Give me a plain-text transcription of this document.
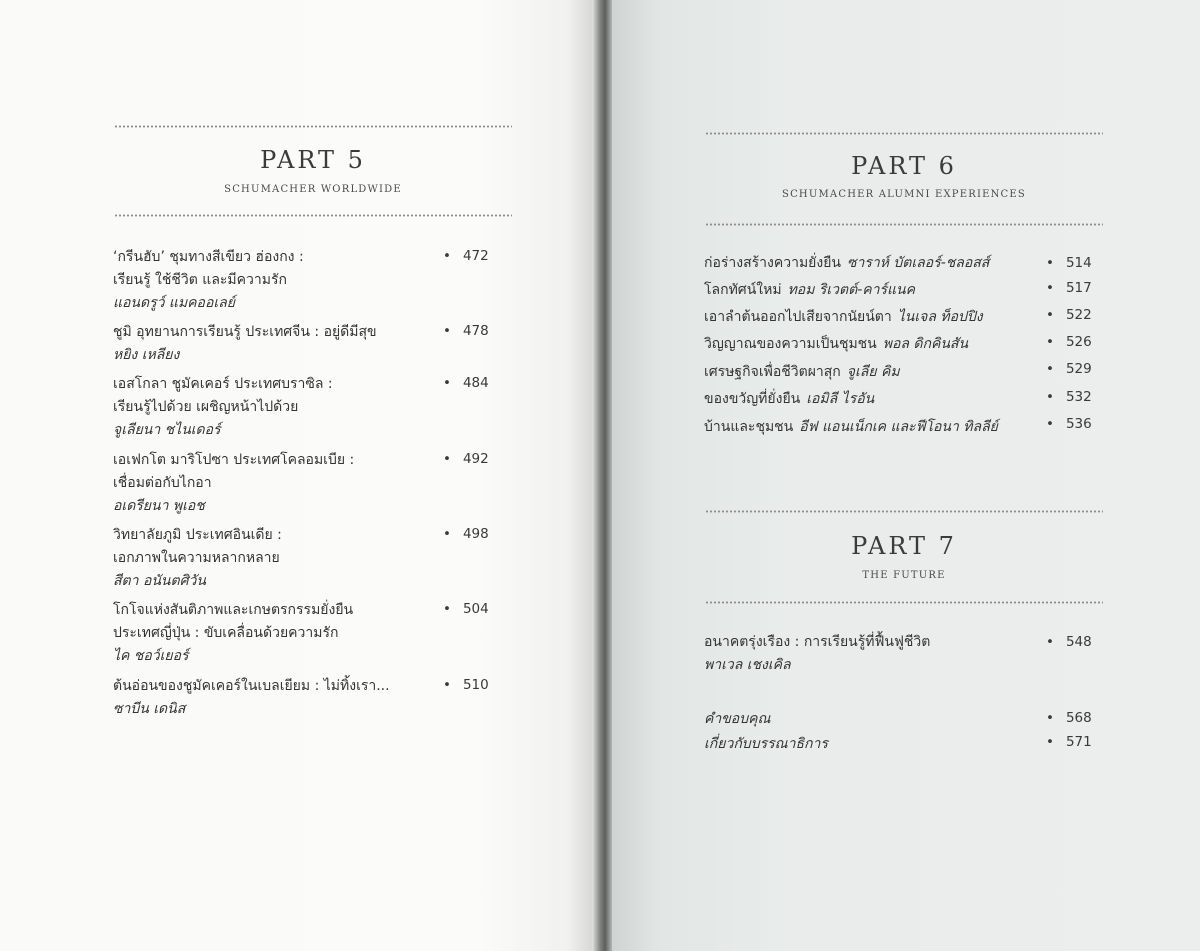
PART 5
SCHUMACHER WORLDWIDE
‘กรีนฮับ’ ชุมทางสีเขียว ฮ่องกง :
เรียนรู้ ใช้ชีวิต และมีความรัก
แอนดรูว์ แมคออเลย์
• 472
ชูมิ อุทยานการเรียนรู้ ประเทศจีน : อยู่ดีมีสุข
หยิง เหลียง
• 478
เอสโกลา ชูมัคเคอร์ ประเทศบราซิล :
เรียนรู้ไปด้วย เผชิญหน้าไปด้วย
จูเลียนา ชไนเดอร์
• 484
เอเฟกโต มาริโปซา ประเทศโคลอมเบีย :
เชื่อมต่อกับไกอา
อเดรียนา พูเอช
• 492
วิทยาลัยภูมิ ประเทศอินเดีย :
เอกภาพในความหลากหลาย
สีตา อนันตศิวัน
• 498
โกโจแห่งสันติภาพและเกษตรกรรมยั่งยืน
ประเทศญี่ปุ่น : ขับเคลื่อนด้วยความรัก
ไค ชอว์เยอร์
• 504
ต้นอ่อนของชูมัคเคอร์ในเบลเยียม : ไม่ทิ้งเรา...
ซาบีน เดนิส
• 510
PART 6
SCHUMACHER ALUMNI EXPERIENCES
ก่อร่างสร้างความยั่งยืน ซาราห์ บัตเลอร์-ชลอสส์	• 514
โลกทัศน์ใหม่ ทอม ริเวตต์-คาร์แนค	• 517
เอาลำต้นออกไปเสียจากนัยน์ตา ไนเจล ท็อปปิง	• 522
วิญญาณของความเป็นชุมชน พอล ดิกคินสัน	• 526
เศรษฐกิจเพื่อชีวิตผาสุก จูเลีย คิม	• 529
ของขวัญที่ยั่งยืน เอมิลี ไรอัน	• 532
บ้านและชุมชน อีฟ แอนเน็กเค และฟีโอนา ทิลลีย์	• 536
PART 7
THE FUTURE
อนาคตรุ่งเรือง : การเรียนรู้ที่ฟื้นฟูชีวิต
พาเวล เชงเคิล
• 548
คำขอบคุณ	• 568
เกี่ยวกับบรรณาธิการ	• 571
